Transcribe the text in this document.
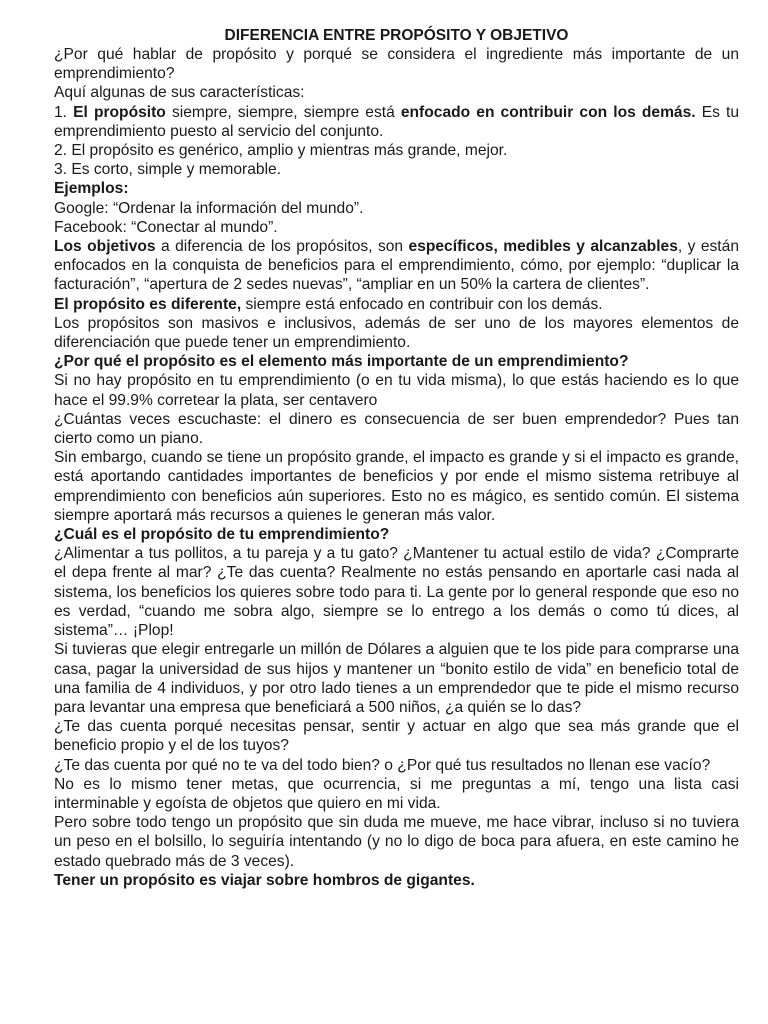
DIFERENCIA ENTRE PROPÓSITO Y OBJETIVO

¿Por qué hablar de propósito y porqué se considera el ingrediente más importante de un emprendimiento?

Aquí algunas de sus características:

1. El propósito siempre, siempre, siempre está enfocado en contribuir con los demás. Es tu emprendimiento puesto al servicio del conjunto.

2. El propósito es genérico, amplio y mientras más grande, mejor.

3. Es corto, simple y memorable.

Ejemplos:

Google: “Ordenar la información del mundo”.

Facebook: “Conectar al mundo”.

Los objetivos a diferencia de los propósitos, son específicos, medibles y alcanzables, y están enfocados en la conquista de beneficios para el emprendimiento, cómo, por ejemplo: “duplicar la facturación”, “apertura de 2 sedes nuevas”, “ampliar en un 50% la cartera de clientes”.

El propósito es diferente, siempre está enfocado en contribuir con los demás.

Los propósitos son masivos e inclusivos, además de ser uno de los mayores elementos de diferenciación que puede tener un emprendimiento.

¿Por qué el propósito es el elemento más importante de un emprendimiento?

Si no hay propósito en tu emprendimiento (o en tu vida misma), lo que estás haciendo es lo que hace el 99.9% corretear la plata, ser centavero

¿Cuántas veces escuchaste: el dinero es consecuencia de ser buen emprendedor? Pues tan cierto como un piano.

Sin embargo, cuando se tiene un propósito grande, el impacto es grande y si el impacto es grande, está aportando cantidades importantes de beneficios y por ende el mismo sistema retribuye al emprendimiento con beneficios aún superiores. Esto no es mágico, es sentido común. El sistema siempre aportará más recursos a quienes le generan más valor.

¿Cuál es el propósito de tu emprendimiento?

¿Alimentar a tus pollitos, a tu pareja y a tu gato? ¿Mantener tu actual estilo de vida? ¿Comprarte el depa frente al mar? ¿Te das cuenta? Realmente no estás pensando en aportarle casi nada al sistema, los beneficios los quieres sobre todo para ti. La gente por lo general responde que eso no es verdad, “cuando me sobra algo, siempre se lo entrego a los demás o como tú dices, al sistema”… ¡Plop!

Si tuvieras que elegir entregarle un millón de Dólares a alguien que te los pide para comprarse una casa, pagar la universidad de sus hijos y mantener un “bonito estilo de vida” en beneficio total de una familia de 4 individuos, y por otro lado tienes a un emprendedor que te pide el mismo recurso para levantar una empresa que beneficiará a 500 niños, ¿a quién se lo das?

¿Te das cuenta porqué necesitas pensar, sentir y actuar en algo que sea más grande que el beneficio propio y el de los tuyos?

¿Te das cuenta por qué no te va del todo bien? o ¿Por qué tus resultados no llenan ese vacío?

No es lo mismo tener metas, que ocurrencia, si me preguntas a mí, tengo una lista casi interminable y egoísta de objetos que quiero en mi vida.

Pero sobre todo tengo un propósito que sin duda me mueve, me hace vibrar, incluso si no tuviera un peso en el bolsillo, lo seguiría intentando (y no lo digo de boca para afuera, en este camino he estado quebrado más de 3 veces).

Tener un propósito es viajar sobre hombros de gigantes.
